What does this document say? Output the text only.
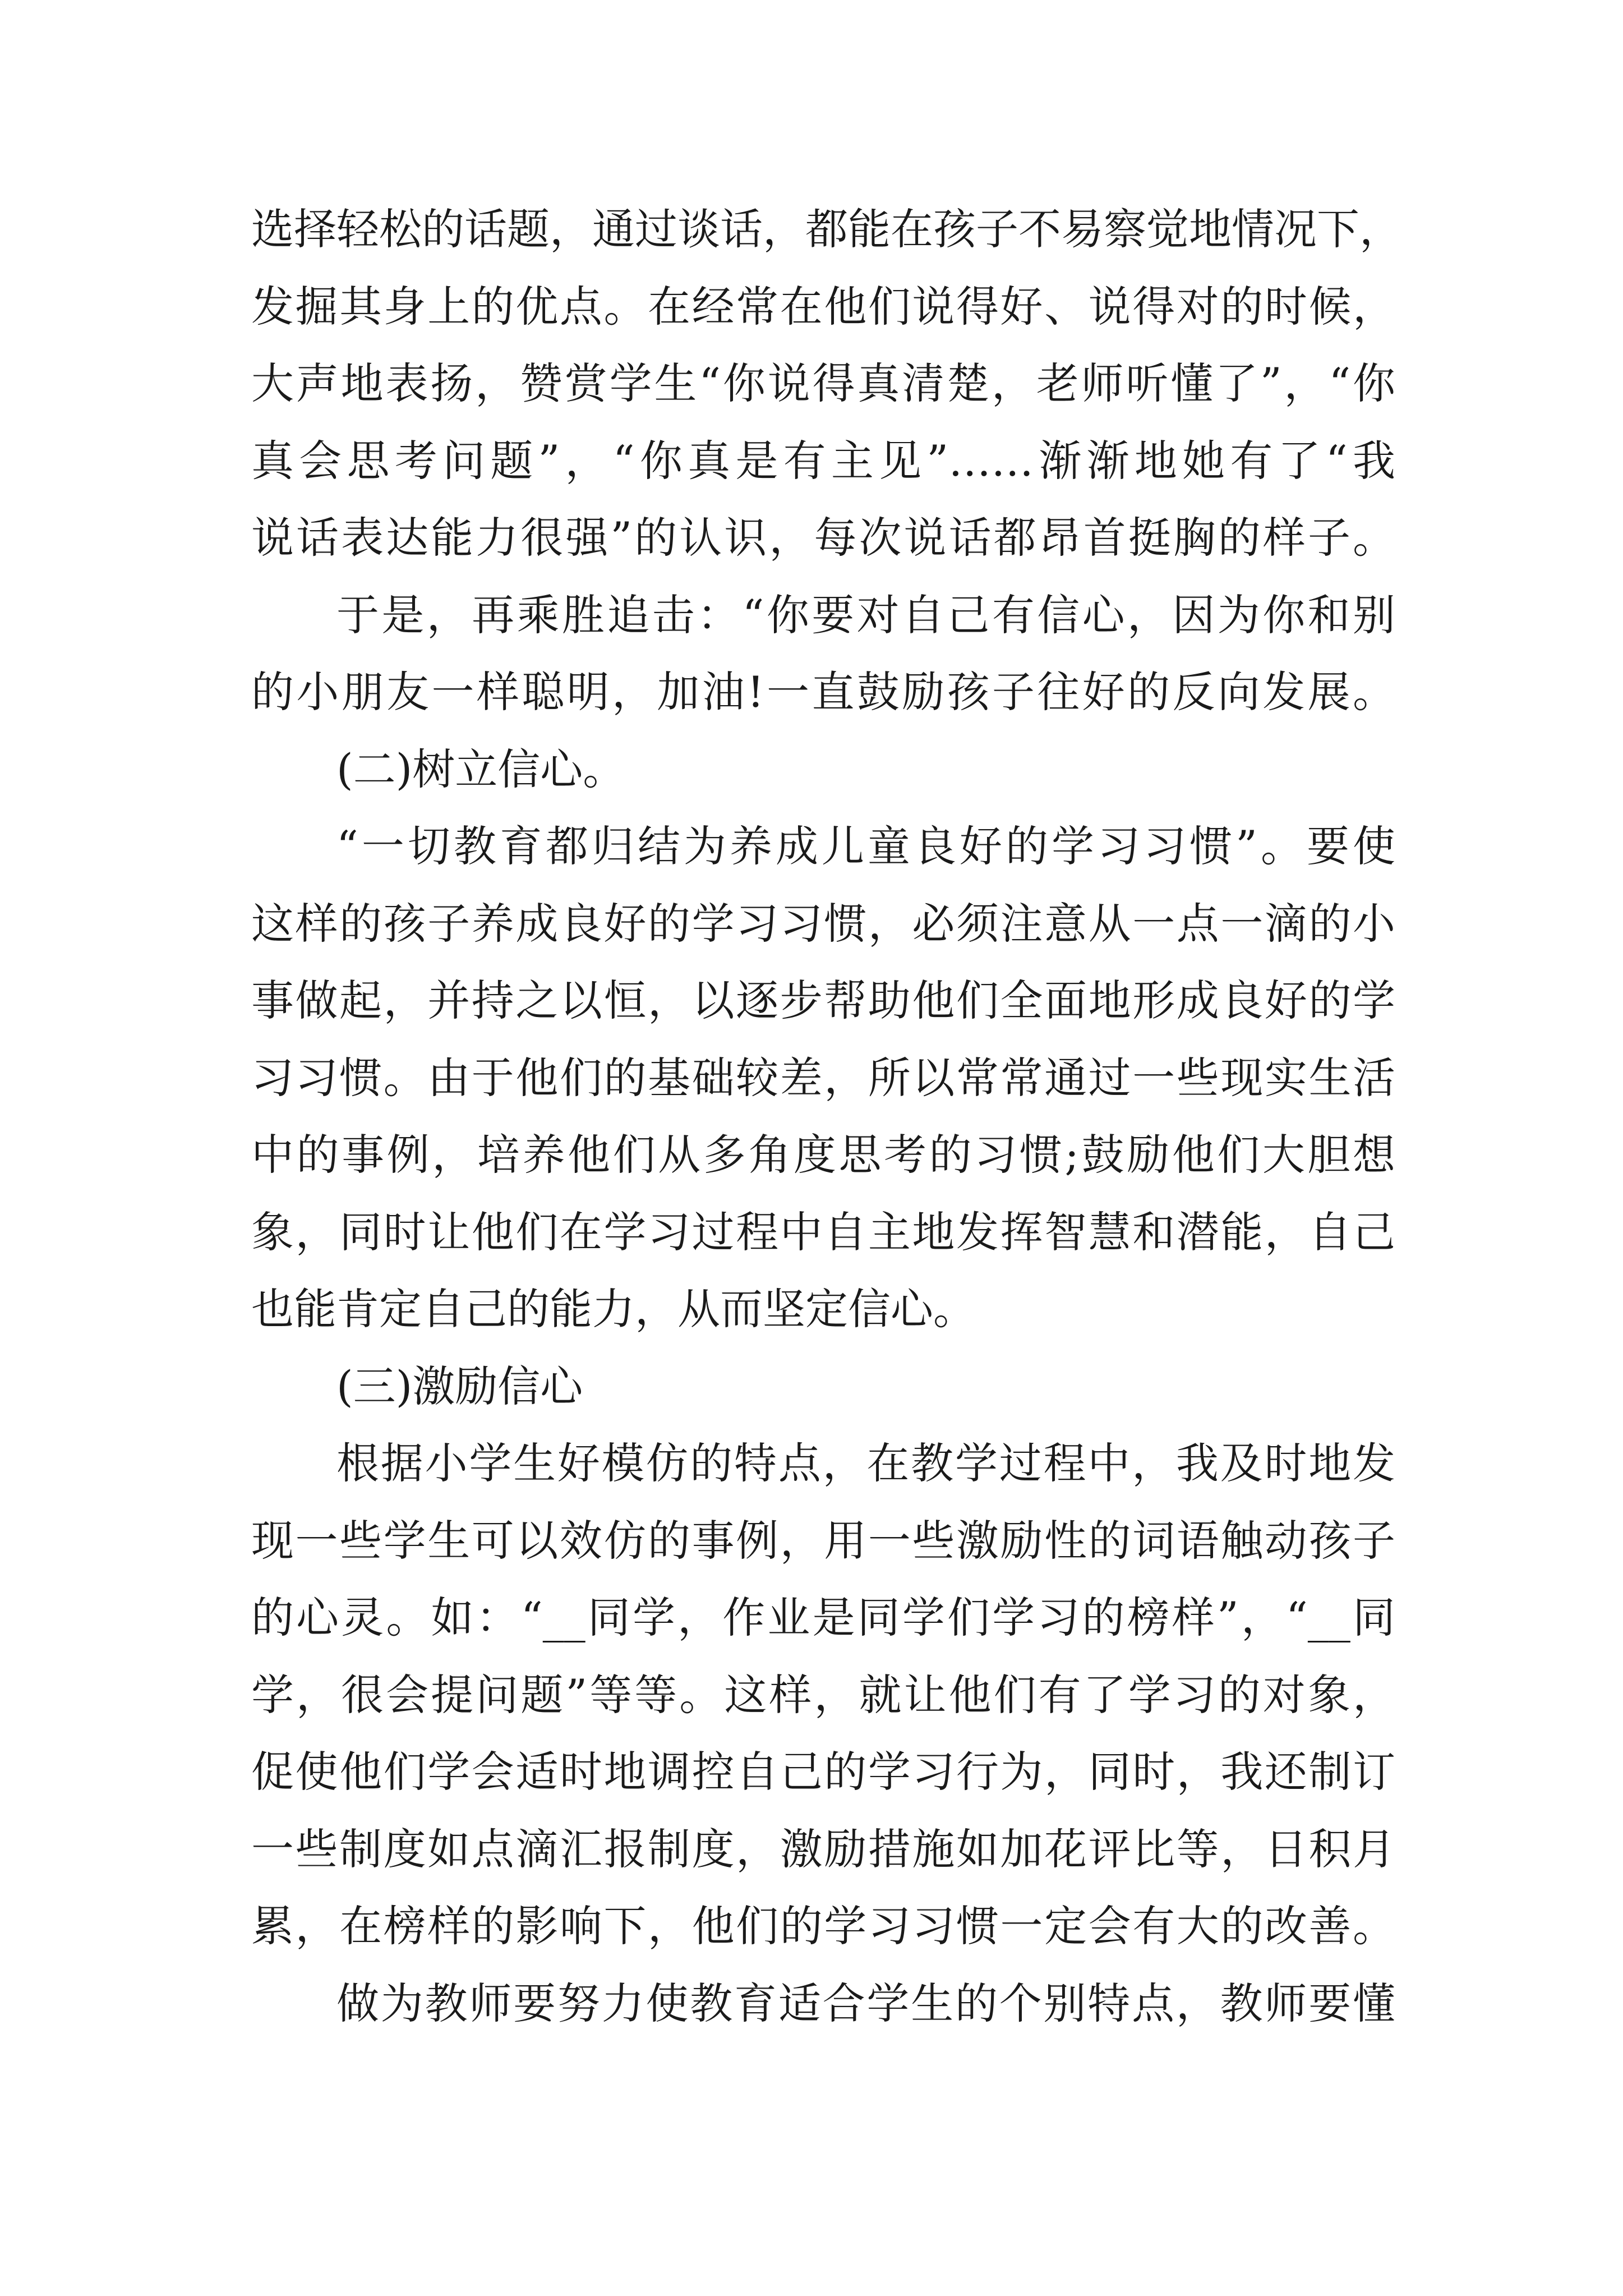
选择轻松的话题，通过谈话，都能在孩子不易察觉地情况下，
发掘其身上的优点。在经常在他们说得好、说得对的时候，
大声地表扬，赞赏学生“你说得真清楚，老师听懂了”，“你
真会思考问题”，“你真是有主见”……渐渐地她有了“我
说话表达能力很强”的认识，每次说话都昂首挺胸的样子。
于是，再乘胜追击：“你要对自己有信心，因为你和别
的小朋友一样聪明，加油!一直鼓励孩子往好的反向发展。
(二)树立信心。
“一切教育都归结为养成儿童良好的学习习惯”。要使
这样的孩子养成良好的学习习惯，必须注意从一点一滴的小
事做起，并持之以恒，以逐步帮助他们全面地形成良好的学
习习惯。由于他们的基础较差，所以常常通过一些现实生活
中的事例，培养他们从多角度思考的习惯;鼓励他们大胆想
象，同时让他们在学习过程中自主地发挥智慧和潜能，自己
也能肯定自己的能力，从而坚定信心。
(三)激励信心
根据小学生好模仿的特点，在教学过程中，我及时地发
现一些学生可以效仿的事例，用一些激励性的词语触动孩子
的心灵。如：“__同学，作业是同学们学习的榜样”，“__同
学，很会提问题”等等。这样，就让他们有了学习的对象，
促使他们学会适时地调控自己的学习行为，同时，我还制订
一些制度如点滴汇报制度，激励措施如加花评比等，日积月
累，在榜样的影响下，他们的学习习惯一定会有大的改善。
做为教师要努力使教育适合学生的个别特点，教师要懂
